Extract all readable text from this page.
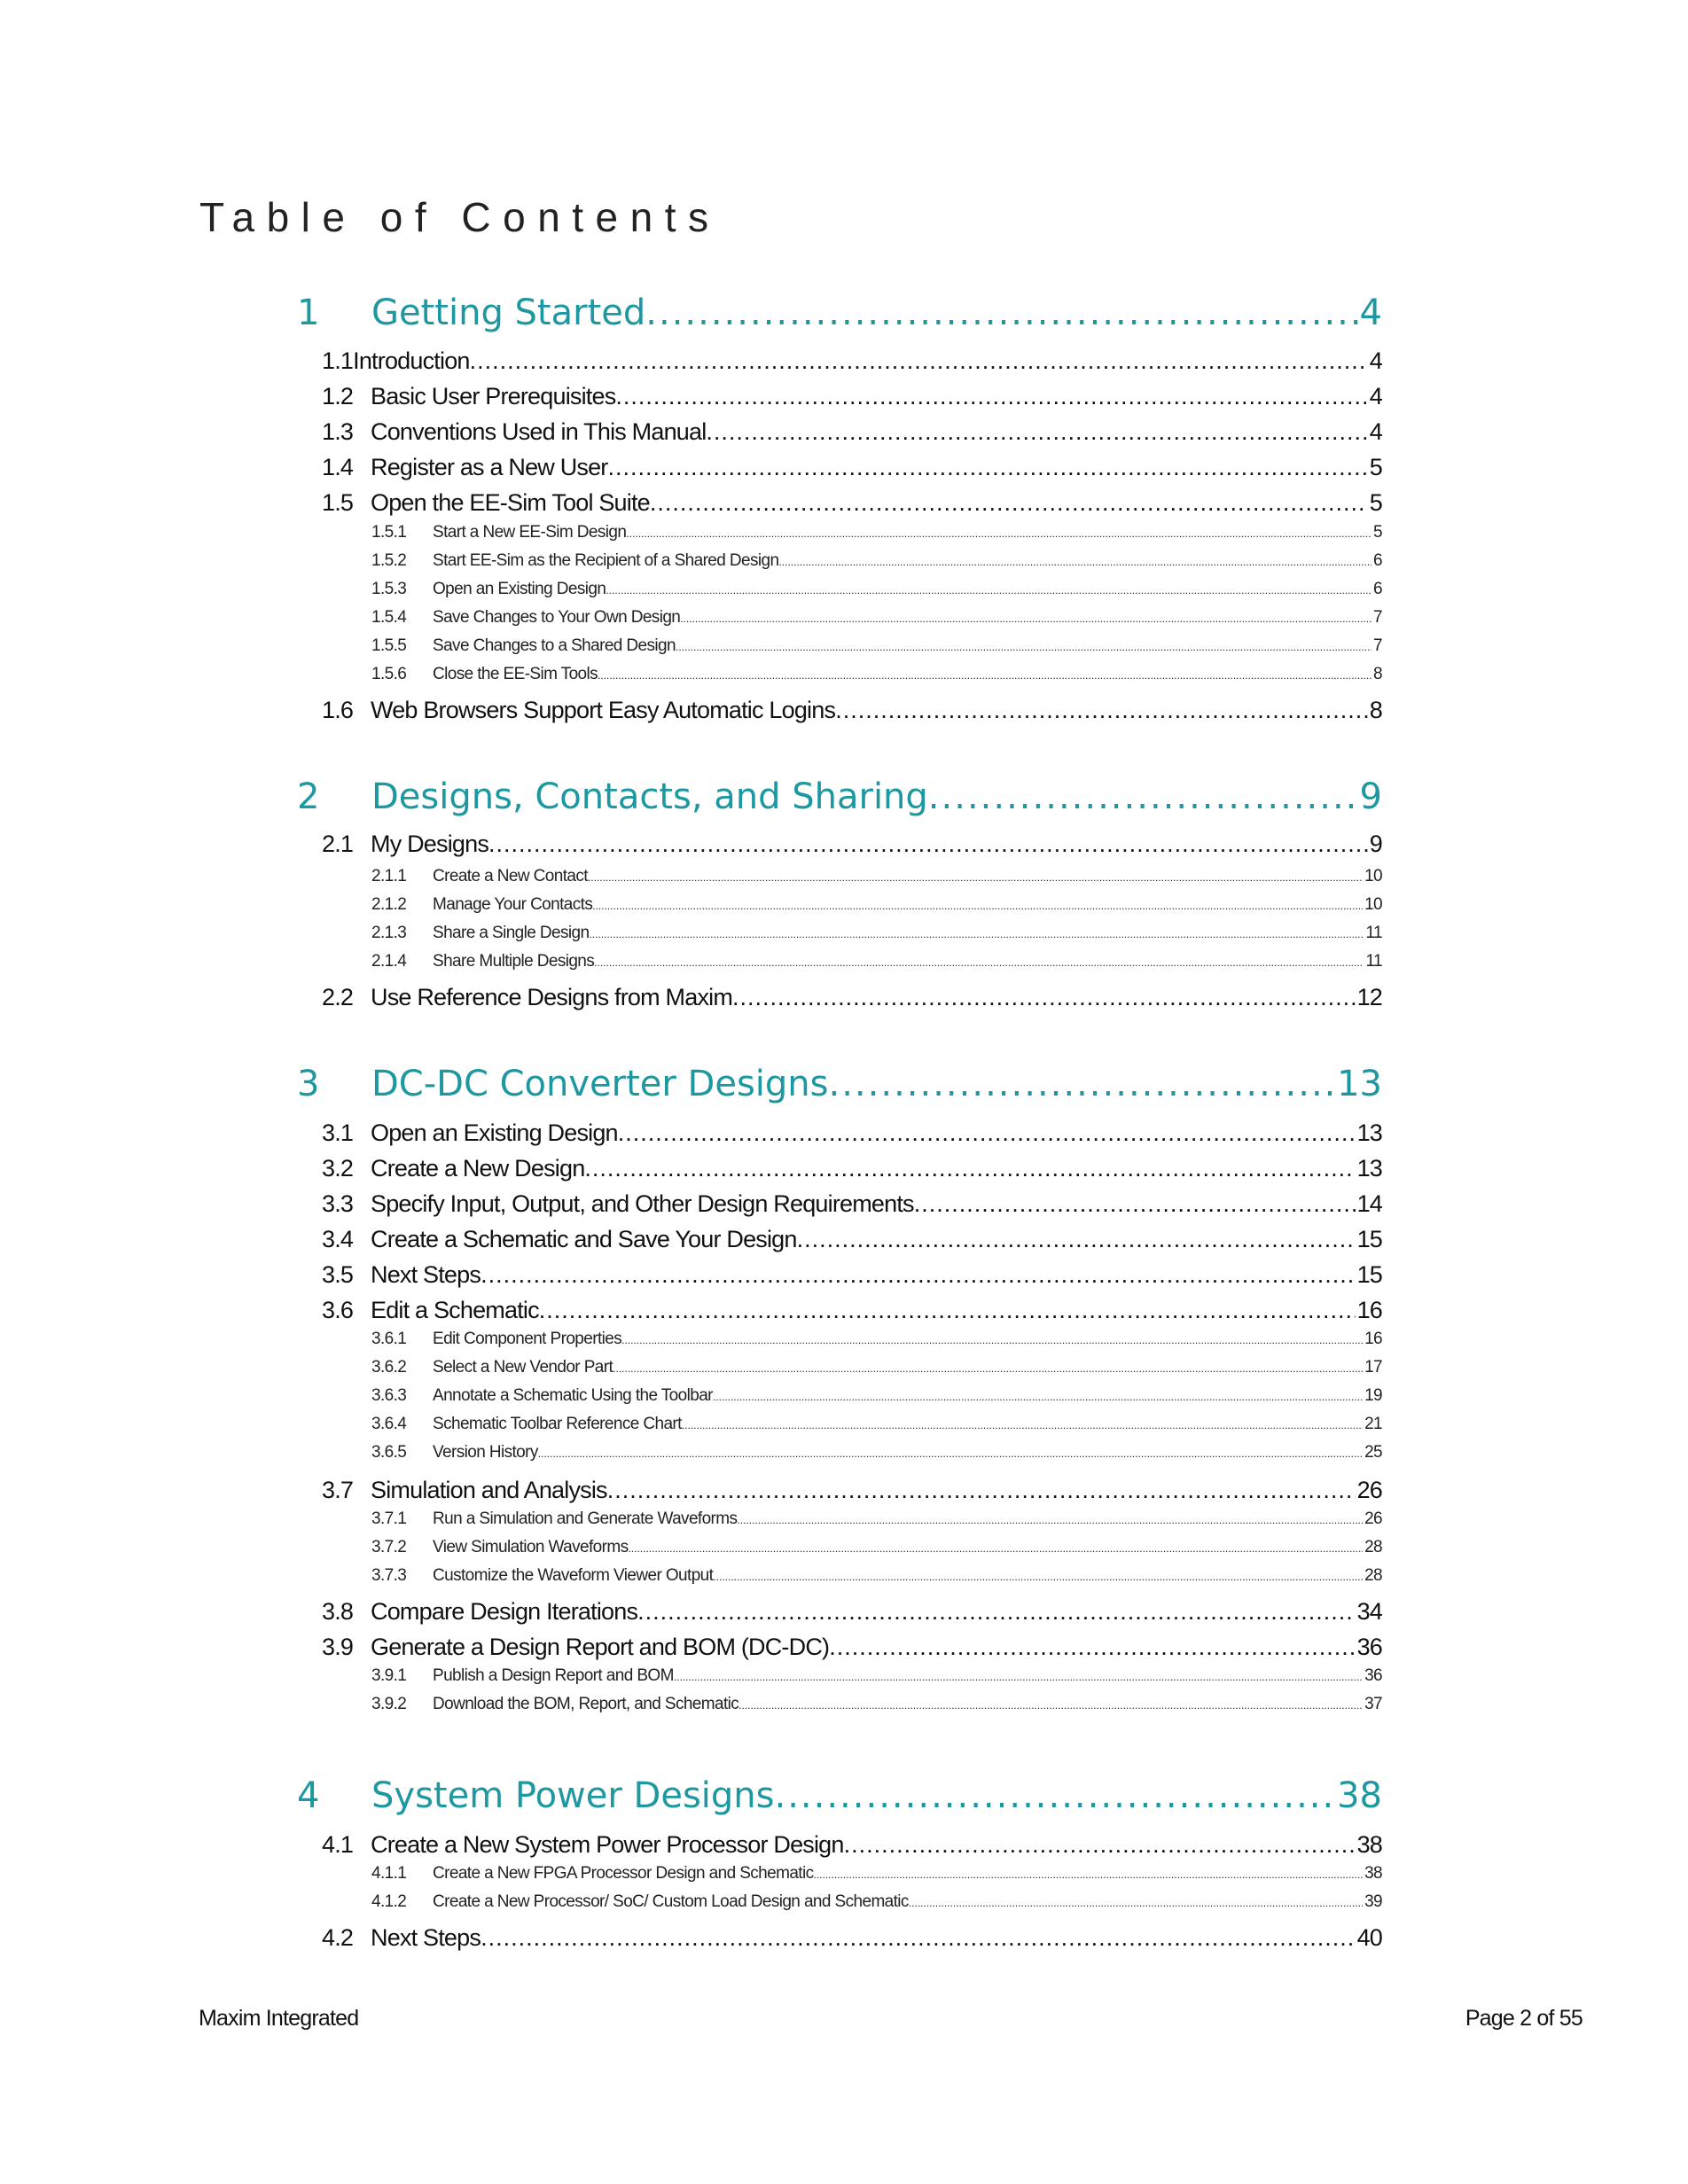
Table of Contents
1	Getting Started .....	4
1.1 Introduction .....	4
1.2 Basic User Prerequisites .....	4
1.3 Conventions Used in This Manual .....	4
1.4 Register as a New User .....	5
1.5 Open the EE-Sim Tool Suite .....	5
1.5.1	Start a New EE-Sim Design .....	5
1.5.2	Start EE-Sim as the Recipient of a Shared Design .....	6
1.5.3	Open an Existing Design .....	6
1.5.4	Save Changes to Your Own Design .....	7
1.5.5	Save Changes to a Shared Design .....	7
1.5.6	Close the EE-Sim Tools .....	8
1.6 Web Browsers Support Easy Automatic Logins .....	8
2	Designs, Contacts, and Sharing .....	9
2.1 My Designs .....	9
2.1.1	Create a New Contact .....	10
2.1.2	Manage Your Contacts .....	10
2.1.3	Share a Single Design .....	11
2.1.4	Share Multiple Designs .....	11
2.2 Use Reference Designs from Maxim .....	12
3	DC-DC Converter Designs .....	13
3.1 Open an Existing Design .....	13
3.2 Create a New Design .....	13
3.3 Specify Input, Output, and Other Design Requirements .....	14
3.4 Create a Schematic and Save Your Design .....	15
3.5 Next Steps .....	15
3.6 Edit a Schematic .....	16
3.6.1	Edit Component Properties .....	16
3.6.2	Select a New Vendor Part .....	17
3.6.3	Annotate a Schematic Using the Toolbar .....	19
3.6.4	Schematic Toolbar Reference Chart .....	21
3.6.5	Version History .....	25
3.7 Simulation and Analysis .....	26
3.7.1	Run a Simulation and Generate Waveforms .....	26
3.7.2	View Simulation Waveforms .....	28
3.7.3	Customize the Waveform Viewer Output .....	28
3.8 Compare Design Iterations .....	34
3.9 Generate a Design Report and BOM (DC-DC) .....	36
3.9.1	Publish a Design Report and BOM .....	36
3.9.2	Download the BOM, Report, and Schematic .....	37
4	System Power Designs .....	38
4.1 Create a New System Power Processor Design .....	38
4.1.1	Create a New FPGA Processor Design and Schematic .....	38
4.1.2	Create a New Processor/ SoC/ Custom Load Design and Schematic .....	39
4.2 Next Steps .....	40
Maxim Integrated	Page 2 of 55
